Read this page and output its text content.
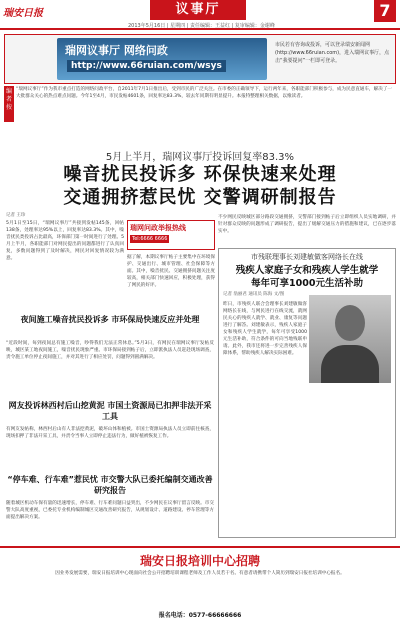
瑞安日报	议事厅
2013年5月16日 | 星期四 | 责任编辑：王益红 | 复审编辑：金谢峰
7
瑞网议事厅 网络问政
http://www.66ruian.com/wsys
市民若有咨询或投诉，可以登录瑞安新闻网(http://www.66ruian.com)，进入瑞网议事厅，点击“我要提问”一栏即可登录。
编者按
“瑞网议事厅”作为我市重点打造的网络问政平台，自2011年7月1日推出后，受到市民的广泛关注。在市委的正确领导下，运行两年来，各职能部门积极参与，成为民意直通车，解决了一大批群众关心的热点难点问题。今年1至4月，市民发帖4601条，回复率达83.3%，较去年同期有明显提升。本报特整理相关数据，以飨读者。
5月上半月，瑞网议事厅投诉回复率83.3%
噪音扰民投诉多 环保快速来处理
交通拥挤惹民忧 交警调研制报告
记者 王珍
5月1日至15日，“瑞网议事厅”共接到发帖145条，回帖138条，处理率达95%以上，回复率达83.3%。其中，噪音扰民类投诉占比最高，环保部门第一时间进行了处理。5月上半月，各职能部门对网民提出的问题都进行了认真回复，多数问题得到了及时解决，网民对回复情况较为满意。
瑞网问政举报热线
Tel:6666 6666
据了解，本期议事厅帖子主要集中在环境保护、交通出行、城市管理、社会保障等方面。其中，噪音扰民、交通拥挤问题关注度较高，相关部门快速回应，积极处理，获得了网民的好评。
不少网民反映城区部分路段交通拥挤，交警部门接到帖子后立即组织人员实地调研，并针对群众反映的问题形成了调研报告，提出了缓解交通压力的措施和建议，已在逐步落实中。
夜间施工噪音扰民投诉多 市环保局快速反应并处理
“近段时间，每到夜间总有施工噪音，吵得我们无法正常休息。”5月3日，有网民在瑞网议事厅发帖反映，城区某工地夜间施工，噪音扰民现象严重。市环保局接到帖子后，立即派执法人员赶赴现场调查，责令施工单位停止夜间施工，并对其进行了相应处罚，问题得到圆满解决。
网友投诉林西村后山挖黄泥 市国土资源局已扣押非法开采工具
有网友发帖称，林西村后山有人非法挖黄泥，破坏山体和植被。市国土资源局执法人员立即前往核查，现场扣押了非法开采工具，并责令当事人立即停止违法行为，做好植被恢复工作。
“停车难、行车难”惹民忧 市交警大队已委托编制交通改善研究报告
随着城区机动车保有量的迅速增长，停车难、行车难问题日益突出，不少网民在议事厅留言反映。市交警大队高度重视，已委托专业机构编制城区交通改善研究报告，从规划设计、道路建设、停车管理等方面提出解决方案。
市残联理事长刘建敏做客网络长在线
残疾人家庭子女和残疾人学生就学
每年可享1000元生活补助
记者 翁丽君 通讯员 陈海 文/图
昨日，市残疾人联合会理事长刘建敏做客网络长在线，与网民进行在线交流，就网民关心的残疾人就学、就业、康复等问题进行了解答。刘建敏表示，残疾人家庭子女和残疾人学生就学，每年可享受1000元生活补助，符合条件的可向当地残联申请。此外，我市还将进一步完善残疾人保障体系，帮助残疾人解决实际困难。
瑞安日报培训中心招聘
因业务发展需要，瑞安日报培训中心现面向社会公开招聘培训课程老师及工作人员若干名。有意者请携带个人简历到瑞安日报社培训中心报名。
报名电话：0577-66666666
